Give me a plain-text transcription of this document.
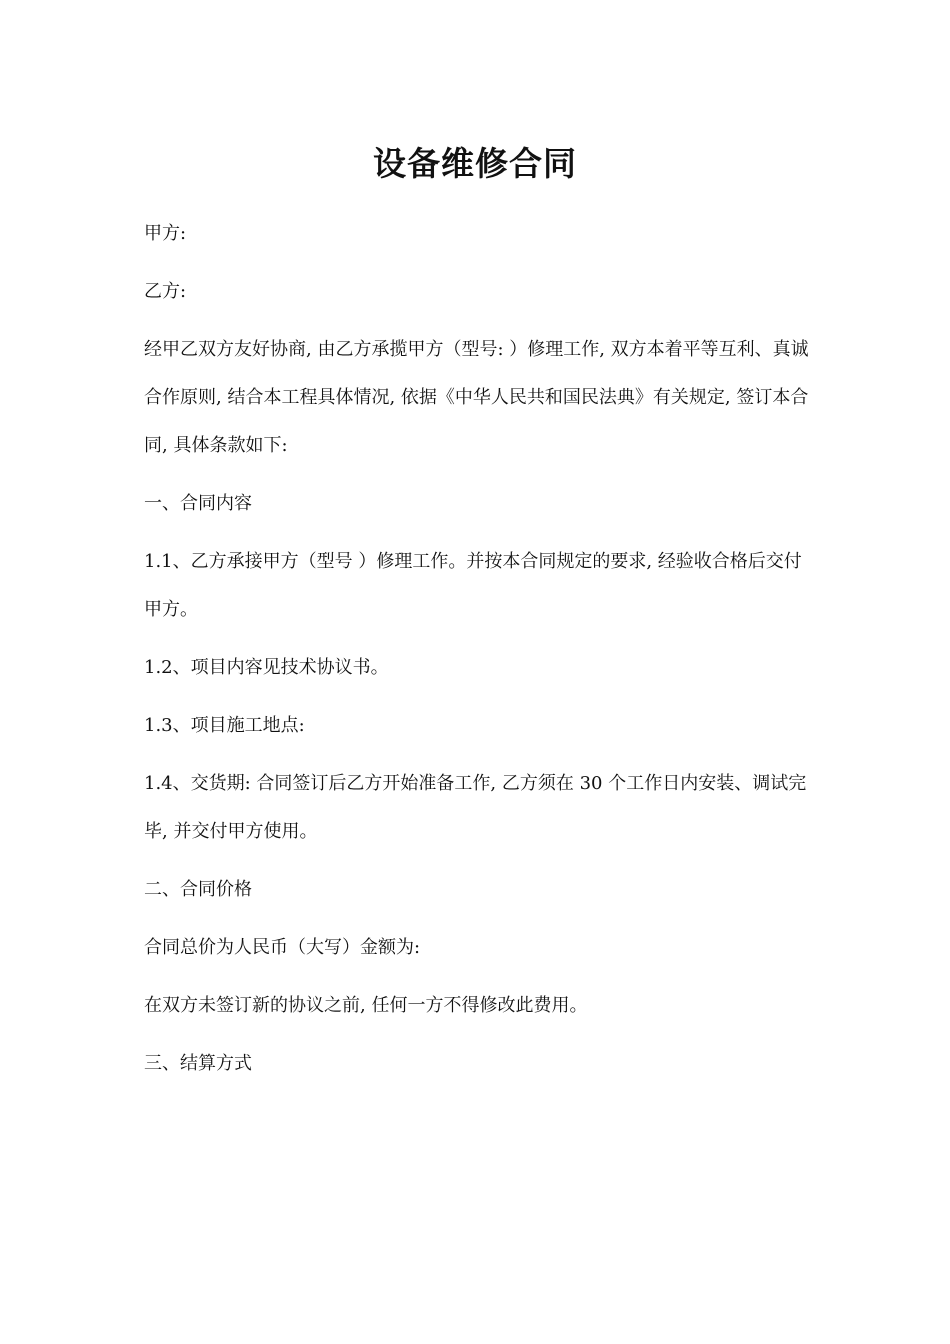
设备维修合同

甲方:

乙方:

经甲乙双方友好协商, 由乙方承揽甲方（型号: ）修理工作, 双方本着平等互利、真诚合作原则, 结合本工程具体情况, 依据《中华人民共和国民法典》有关规定, 签订本合同, 具体条款如下:

一、合同内容

1.1、乙方承接甲方（型号 ）修理工作。并按本合同规定的要求, 经验收合格后交付甲方。

1.2、项目内容见技术协议书。

1.3、项目施工地点:

1.4、交货期: 合同签订后乙方开始准备工作, 乙方须在 30 个工作日内安装、调试完毕, 并交付甲方使用。

二、合同价格

合同总价为人民币（大写）金额为:

在双方未签订新的协议之前, 任何一方不得修改此费用。

三、结算方式
